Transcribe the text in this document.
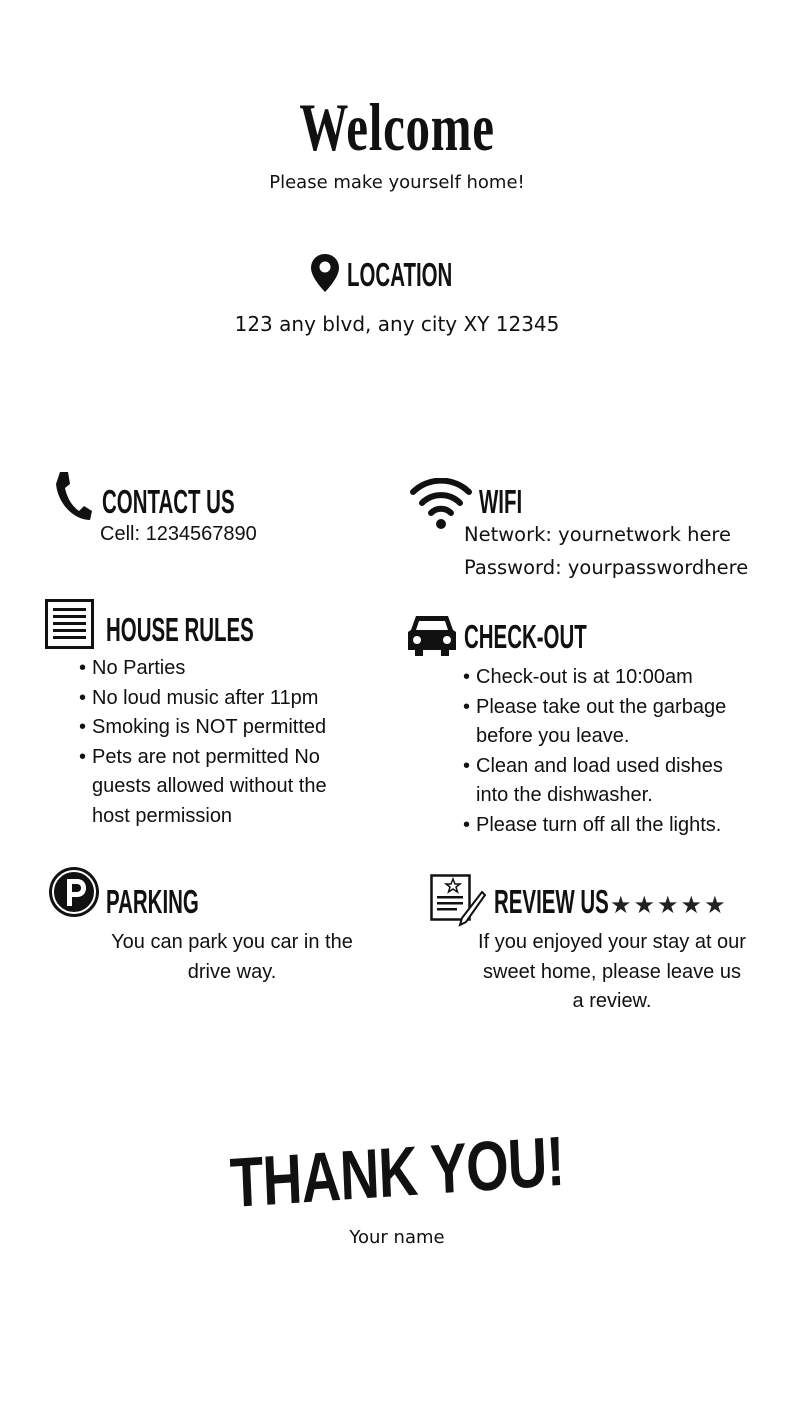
Welcome
Please make yourself home!
LOCATION
123 any blvd, any city XY 12345
CONTACT US
Cell: 1234567890
WIFI
Network: yournetwork here
Password: yourpasswordhere
HOUSE RULES
• No Parties
• No loud music after 11pm
• Smoking is NOT permitted
• Pets are not permitted No guests allowed without the host permission
CHECK-OUT
• Check-out is at 10:00am
• Please take out the garbage before you leave.
• Clean and load used dishes into the dishwasher.
• Please turn off all the lights.
PARKING
You can park you car in the drive way.
REVIEW US ★★★★★
If you enjoyed your stay at our sweet home, please leave us a review.
THANK YOU!
Your name
